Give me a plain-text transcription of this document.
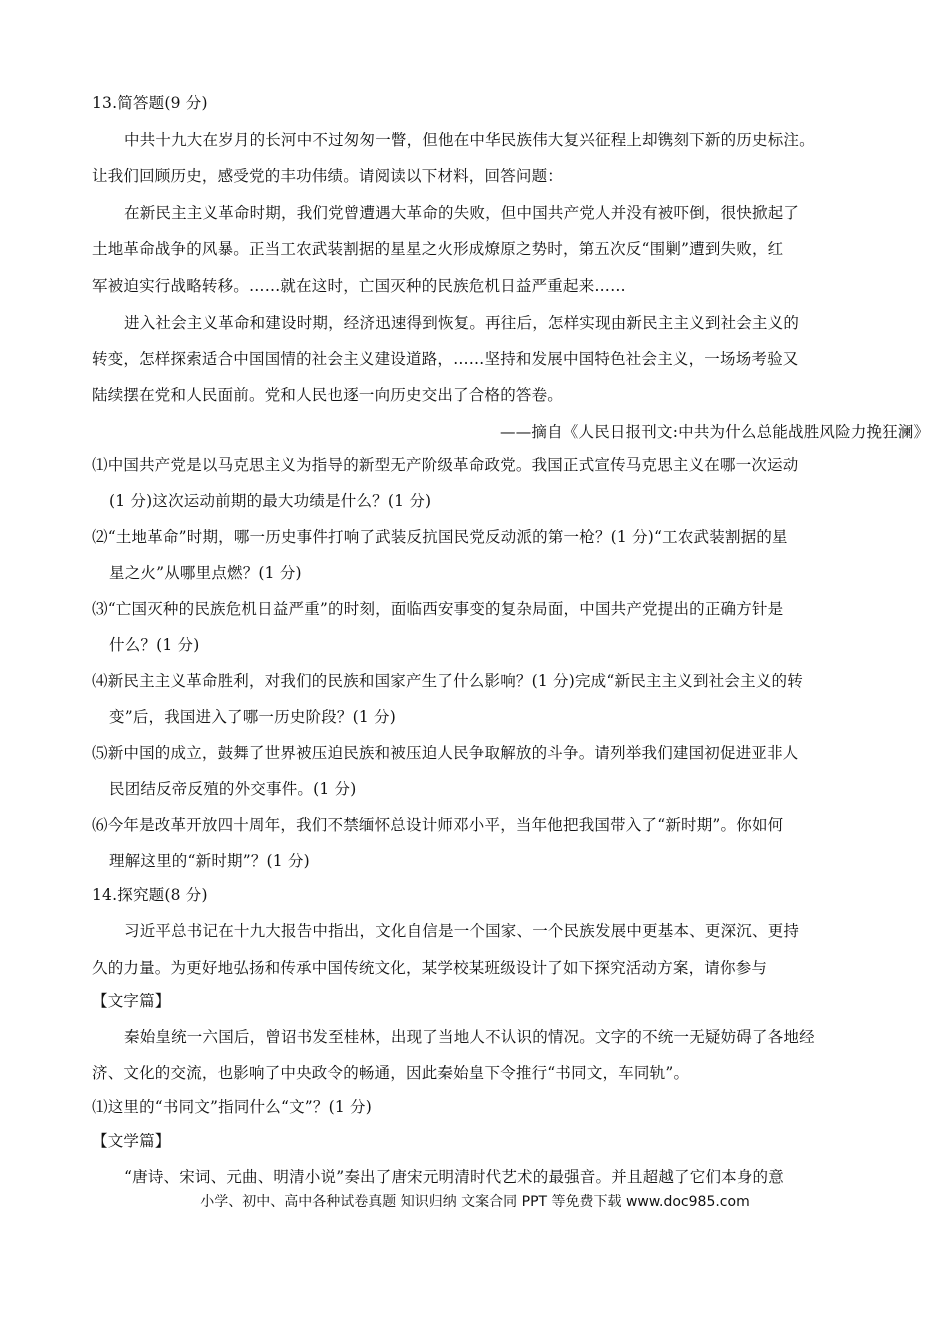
13.简答题(9 分)
中共十九大在岁月的长河中不过匆匆一瞥，但他在中华民族伟大复兴征程上却镌刻下新的历史标注。
让我们回顾历史，感受党的丰功伟绩。请阅读以下材料，回答问题：
在新民主主义革命时期，我们党曾遭遇大革命的失败，但中国共产党人并没有被吓倒，很快掀起了
土地革命战争的风暴。正当工农武装割据的星星之火形成燎原之势时，第五次反“围剿”遭到失败，红
军被迫实行战略转移。……就在这时，亡国灭种的民族危机日益严重起来……
进入社会主义革命和建设时期，经济迅速得到恢复。再往后，怎样实现由新民主主义到社会主义的
转变，怎样探索适合中国国情的社会主义建设道路，……坚持和发展中国特色社会主义，一场场考验又
陆续摆在党和人民面前。党和人民也逐一向历史交出了合格的答卷。
——摘自《人民日报刊文:中共为什么总能战胜风险力挽狂澜》
⑴中国共产党是以马克思主义为指导的新型无产阶级革命政党。我国正式宣传马克思主义在哪一次运动
(1 分)这次运动前期的最大功绩是什么？(1 分)
⑵“土地革命”时期，哪一历史事件打响了武装反抗国民党反动派的第一枪？(1 分)“工农武装割据的星
星之火”从哪里点燃？(1 分)
⑶“亡国灭种的民族危机日益严重”的时刻，面临西安事变的复杂局面，中国共产党提出的正确方针是
什么？(1 分)
⑷新民主主义革命胜利，对我们的民族和国家产生了什么影响？(1 分)完成“新民主主义到社会主义的转
变”后，我国进入了哪一历史阶段？(1 分)
⑸新中国的成立，鼓舞了世界被压迫民族和被压迫人民争取解放的斗争。请列举我们建国初促进亚非人
民团结反帝反殖的外交事件。(1 分)
⑹今年是改革开放四十周年，我们不禁缅怀总设计师邓小平，当年他把我国带入了“新时期”。你如何
理解这里的“新时期”？(1 分)
14.探究题(8 分)
习近平总书记在十九大报告中指出，文化自信是一个国家、一个民族发展中更基本、更深沉、更持
久的力量。为更好地弘扬和传承中国传统文化，某学校某班级设计了如下探究活动方案，请你参与
【文字篇】
秦始皇统一六国后，曾诏书发至桂林，出现了当地人不认识的情况。文字的不统一无疑妨碍了各地经
济、文化的交流，也影响了中央政令的畅通，因此秦始皇下令推行“书同文，车同轨”。
⑴这里的“书同文”指同什么“文”？(1 分)
【文学篇】
小学、初中、高中各种试卷真题 知识归纳 文案合同 PPT 等免费下载 www.doc985.com
“唐诗、宋词、元曲、明清小说”奏出了唐宋元明清时代艺术的最强音。并且超越了它们本身的意
